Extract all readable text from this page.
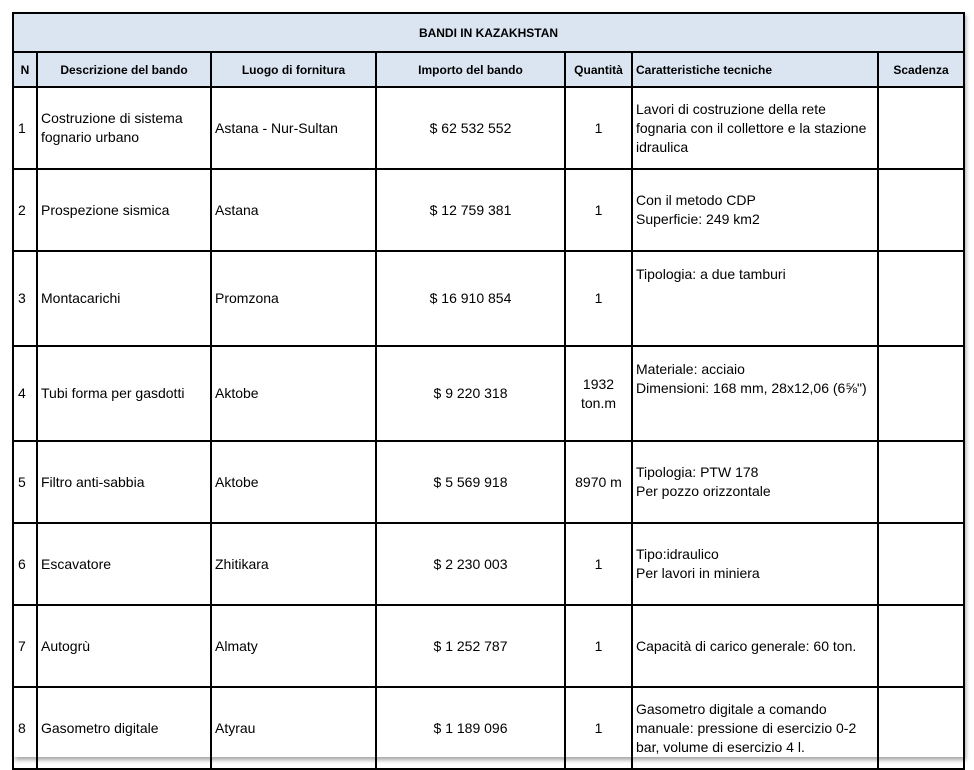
BANDI IN KAZAKHSTAN						
N	Descrizione del bando	Luogo di fornitura	Importo del bando	Quantità	Caratteristiche tecniche	Scadenza
1	Costruzione di sistema fognario urbano	Astana - Nur-Sultan	$ 62 532 552	1	Lavori di costruzione della rete fognaria con il collettore e la stazione idraulica	

2	Prospezione sismica	Astana	$ 12 759 381	1	Con il metodo CDP
Superficie: 249 km2	

3	Montacarichi	Promzona	$ 16 910 854	1	Tipologia: a due tamburi	

4	Tubi forma per gasdotti	Aktobe	$ 9 220 318	1932 ton.m	Materiale: acciaio
Dimensioni: 168 mm, 28x12,06 (6⅝")	

5	Filtro anti-sabbia	Aktobe	$ 5 569 918	8970 m	Tipologia: PTW 178
Per pozzo orizzontale	

6	Escavatore	Zhitikara	$ 2 230 003	1	Tipo:idraulico
Per lavori in miniera	

7	Autogrù	Almaty	$ 1 252 787	1	Capacità di carico generale: 60 ton.	

8	Gasometro digitale	Atyrau	$ 1 189 096	1	Gasometro digitale a comando manuale: pressione di esercizio 0-2 bar, volume di esercizio 4 l.	
